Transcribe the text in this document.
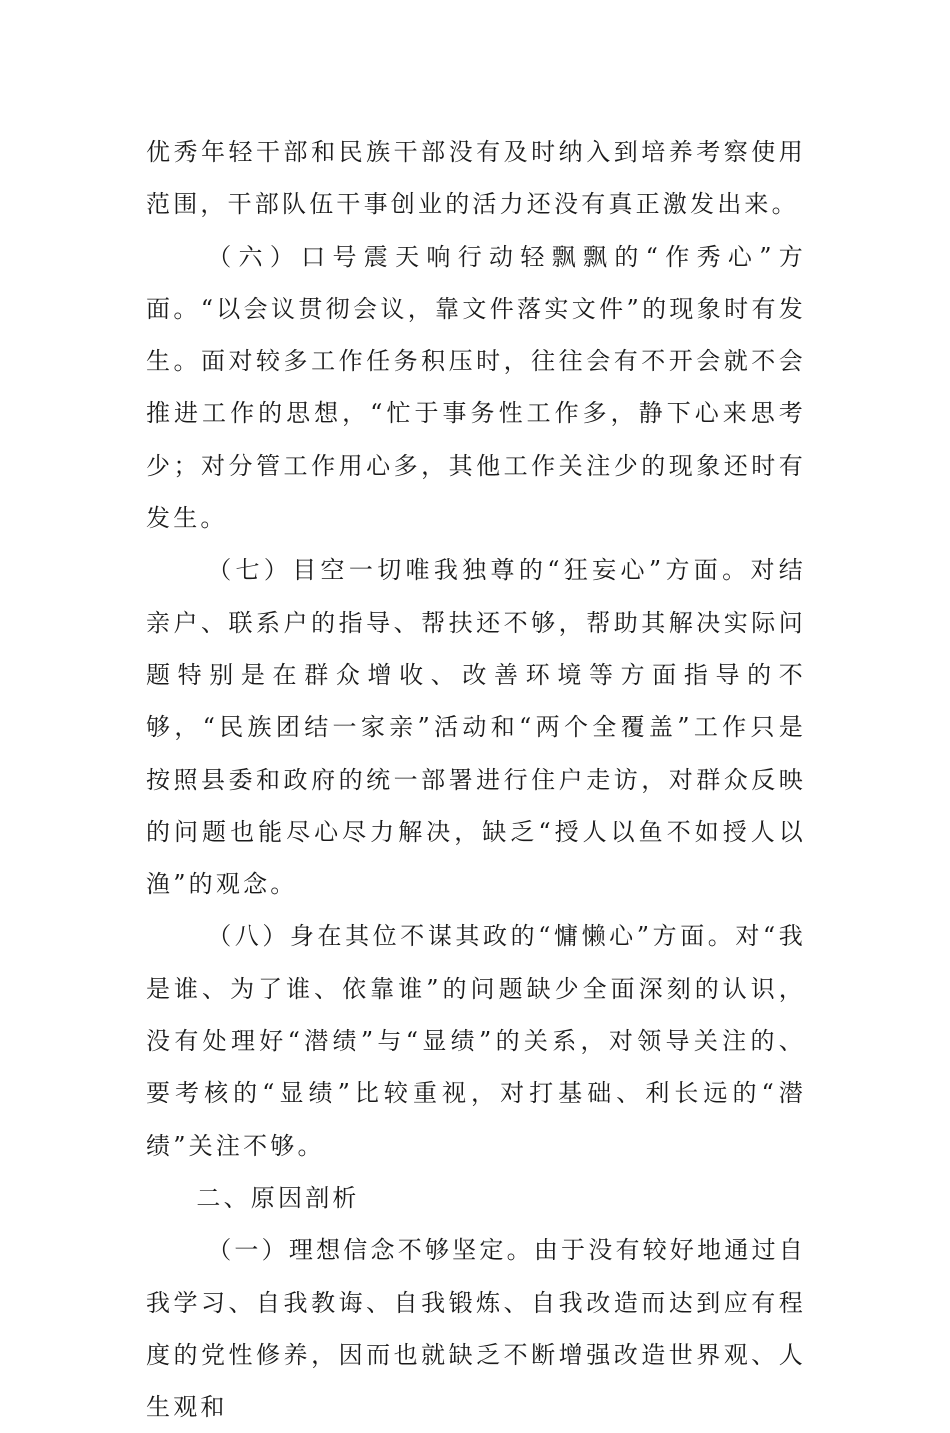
优秀年轻干部和民族干部没有及时纳入到培养考察使用范围，干部队伍干事创业的活力还没有真正激发出来。

（六）口号震天响行动轻飘飘的“作秀心”方面。“以会议贯彻会议，靠文件落实文件”的现象时有发生。面对较多工作任务积压时，往往会有不开会就不会推进工作的思想，“忙于事务性工作多，静下心来思考少；对分管工作用心多，其他工作关注少的现象还时有发生。

（七）目空一切唯我独尊的“狂妄心”方面。对结亲户、联系户的指导、帮扶还不够，帮助其解决实际问题特别是在群众增收、改善环境等方面指导的不够，“民族团结一家亲”活动和“两个全覆盖”工作只是按照县委和政府的统一部署进行住户走访，对群众反映的问题也能尽心尽力解决，缺乏“授人以鱼不如授人以渔”的观念。

（八）身在其位不谋其政的“慵懒心”方面。对“我是谁、为了谁、依靠谁”的问题缺少全面深刻的认识，没有处理好“潜绩”与“显绩”的关系，对领导关注的、要考核的“显绩”比较重视，对打基础、利长远的“潜绩”关注不够。

二、原因剖析

（一）理想信念不够坚定。由于没有较好地通过自我学习、自我教诲、自我锻炼、自我改造而达到应有程度的党性修养，因而也就缺乏不断增强改造世界观、人生观和
